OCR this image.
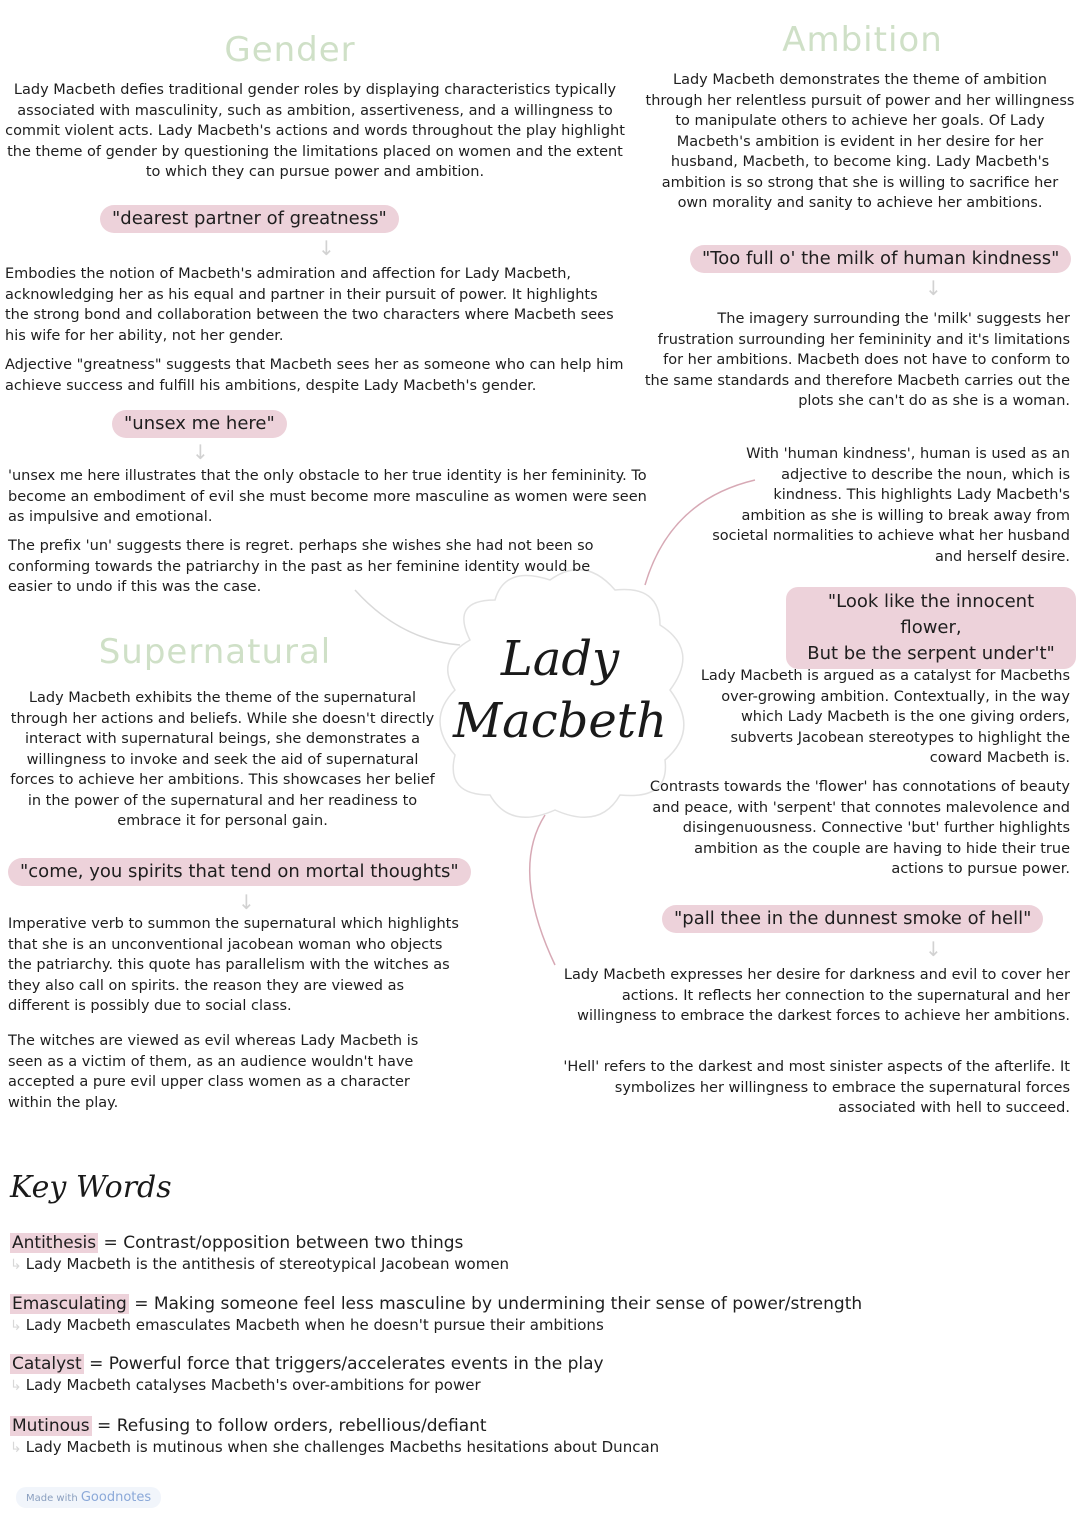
Gender

Lady Macbeth defies traditional gender roles by displaying characteristics typically associated with masculinity, such as ambition, assertiveness, and a willingness to commit violent acts. Lady Macbeth's actions and words throughout the play highlight the theme of gender by questioning the limitations placed on women and the extent to which they can pursue power and ambition.

"dearest partner of greatness"
↓

Embodies the notion of Macbeth's admiration and affection for Lady Macbeth, acknowledging her as his equal and partner in their pursuit of power. It highlights the strong bond and collaboration between the two characters where Macbeth sees his wife for her ability, not her gender.

Adjective "greatness" suggests that Macbeth sees her as someone who can help him achieve success and fulfill his ambitions, despite Lady Macbeth's gender.

"unsex me here"
↓

'unsex me here illustrates that the only obstacle to her true identity is her femininity. To become an embodiment of evil she must become more masculine as women were seen as impulsive and emotional.

The prefix 'un' suggests there is regret. perhaps she wishes she had not been so conforming towards the patriarchy in the past as her feminine identity would be easier to undo if this was the case.

Ambition

Lady Macbeth demonstrates the theme of ambition through her relentless pursuit of power and her willingness to manipulate others to achieve her goals. Of Lady Macbeth's ambition is evident in her desire for her husband, Macbeth, to become king. Lady Macbeth's ambition is so strong that she is willing to sacrifice her own morality and sanity to achieve her ambitions.

"Too full o' the milk of human kindness"
↓

The imagery surrounding the 'milk' suggests her frustration surrounding her femininity and it's limitations for her ambitions. Macbeth does not have to conform to the same standards and therefore Macbeth carries out the plots she can't do as she is a woman.

With 'human kindness', human is used as an adjective to describe the noun, which is kindness. This highlights Lady Macbeth's ambition as she is willing to break away from societal normalities to achieve what her husband and herself desire.

"Look like the innocent flower,
But be the serpent under't"

Lady Macbeth is argued as a catalyst for Macbeths over-growing ambition. Contextually, in the way which Lady Macbeth is the one giving orders, subverts Jacobean stereotypes to highlight the coward Macbeth is.

Contrasts towards the 'flower' has connotations of beauty and peace, with 'serpent' that connotes malevolence and disingenuousness. Connective 'but' further highlights ambition as the couple are having to hide their true actions to pursue power.

Lady
Macbeth
Supernatural

Lady Macbeth exhibits the theme of the supernatural through her actions and beliefs. While she doesn't directly interact with supernatural beings, she demonstrates a willingness to invoke and seek the aid of supernatural forces to achieve her ambitions. This showcases her belief in the power of the supernatural and her readiness to embrace it for personal gain.

"come, you spirits that tend on mortal thoughts"
↓

Imperative verb to summon the supernatural which highlights that she is an unconventional jacobean woman who objects the patriarchy. this quote has parallelism with the witches as they also call on spirits. the reason they are viewed as different is possibly due to social class.

The witches are viewed as evil whereas Lady Macbeth is seen as a victim of them, as an audience wouldn't have accepted a pure evil upper class women as a character within the play.

"pall thee in the dunnest smoke of hell"
↓

Lady Macbeth expresses her desire for darkness and evil to cover her actions. It reflects her connection to the supernatural and her willingness to embrace the darkest forces to achieve her ambitions.

'Hell' refers to the darkest and most sinister aspects of the afterlife. It symbolizes her willingness to embrace the supernatural forces associated with hell to succeed.

Key Words
Antithesis = Contrast/opposition between two things
↳ Lady Macbeth is the antithesis of stereotypical Jacobean women
Emasculating = Making someone feel less masculine by undermining their sense of power/strength
↳ Lady Macbeth emasculates Macbeth when he doesn't pursue their ambitions
Catalyst = Powerful force that triggers/accelerates events in the play
↳ Lady Macbeth catalyses Macbeth's over-ambitions for power
Mutinous = Refusing to follow orders, rebellious/defiant
↳ Lady Macbeth is mutinous when she challenges Macbeths hesitations about Duncan
Made with Goodnotes
